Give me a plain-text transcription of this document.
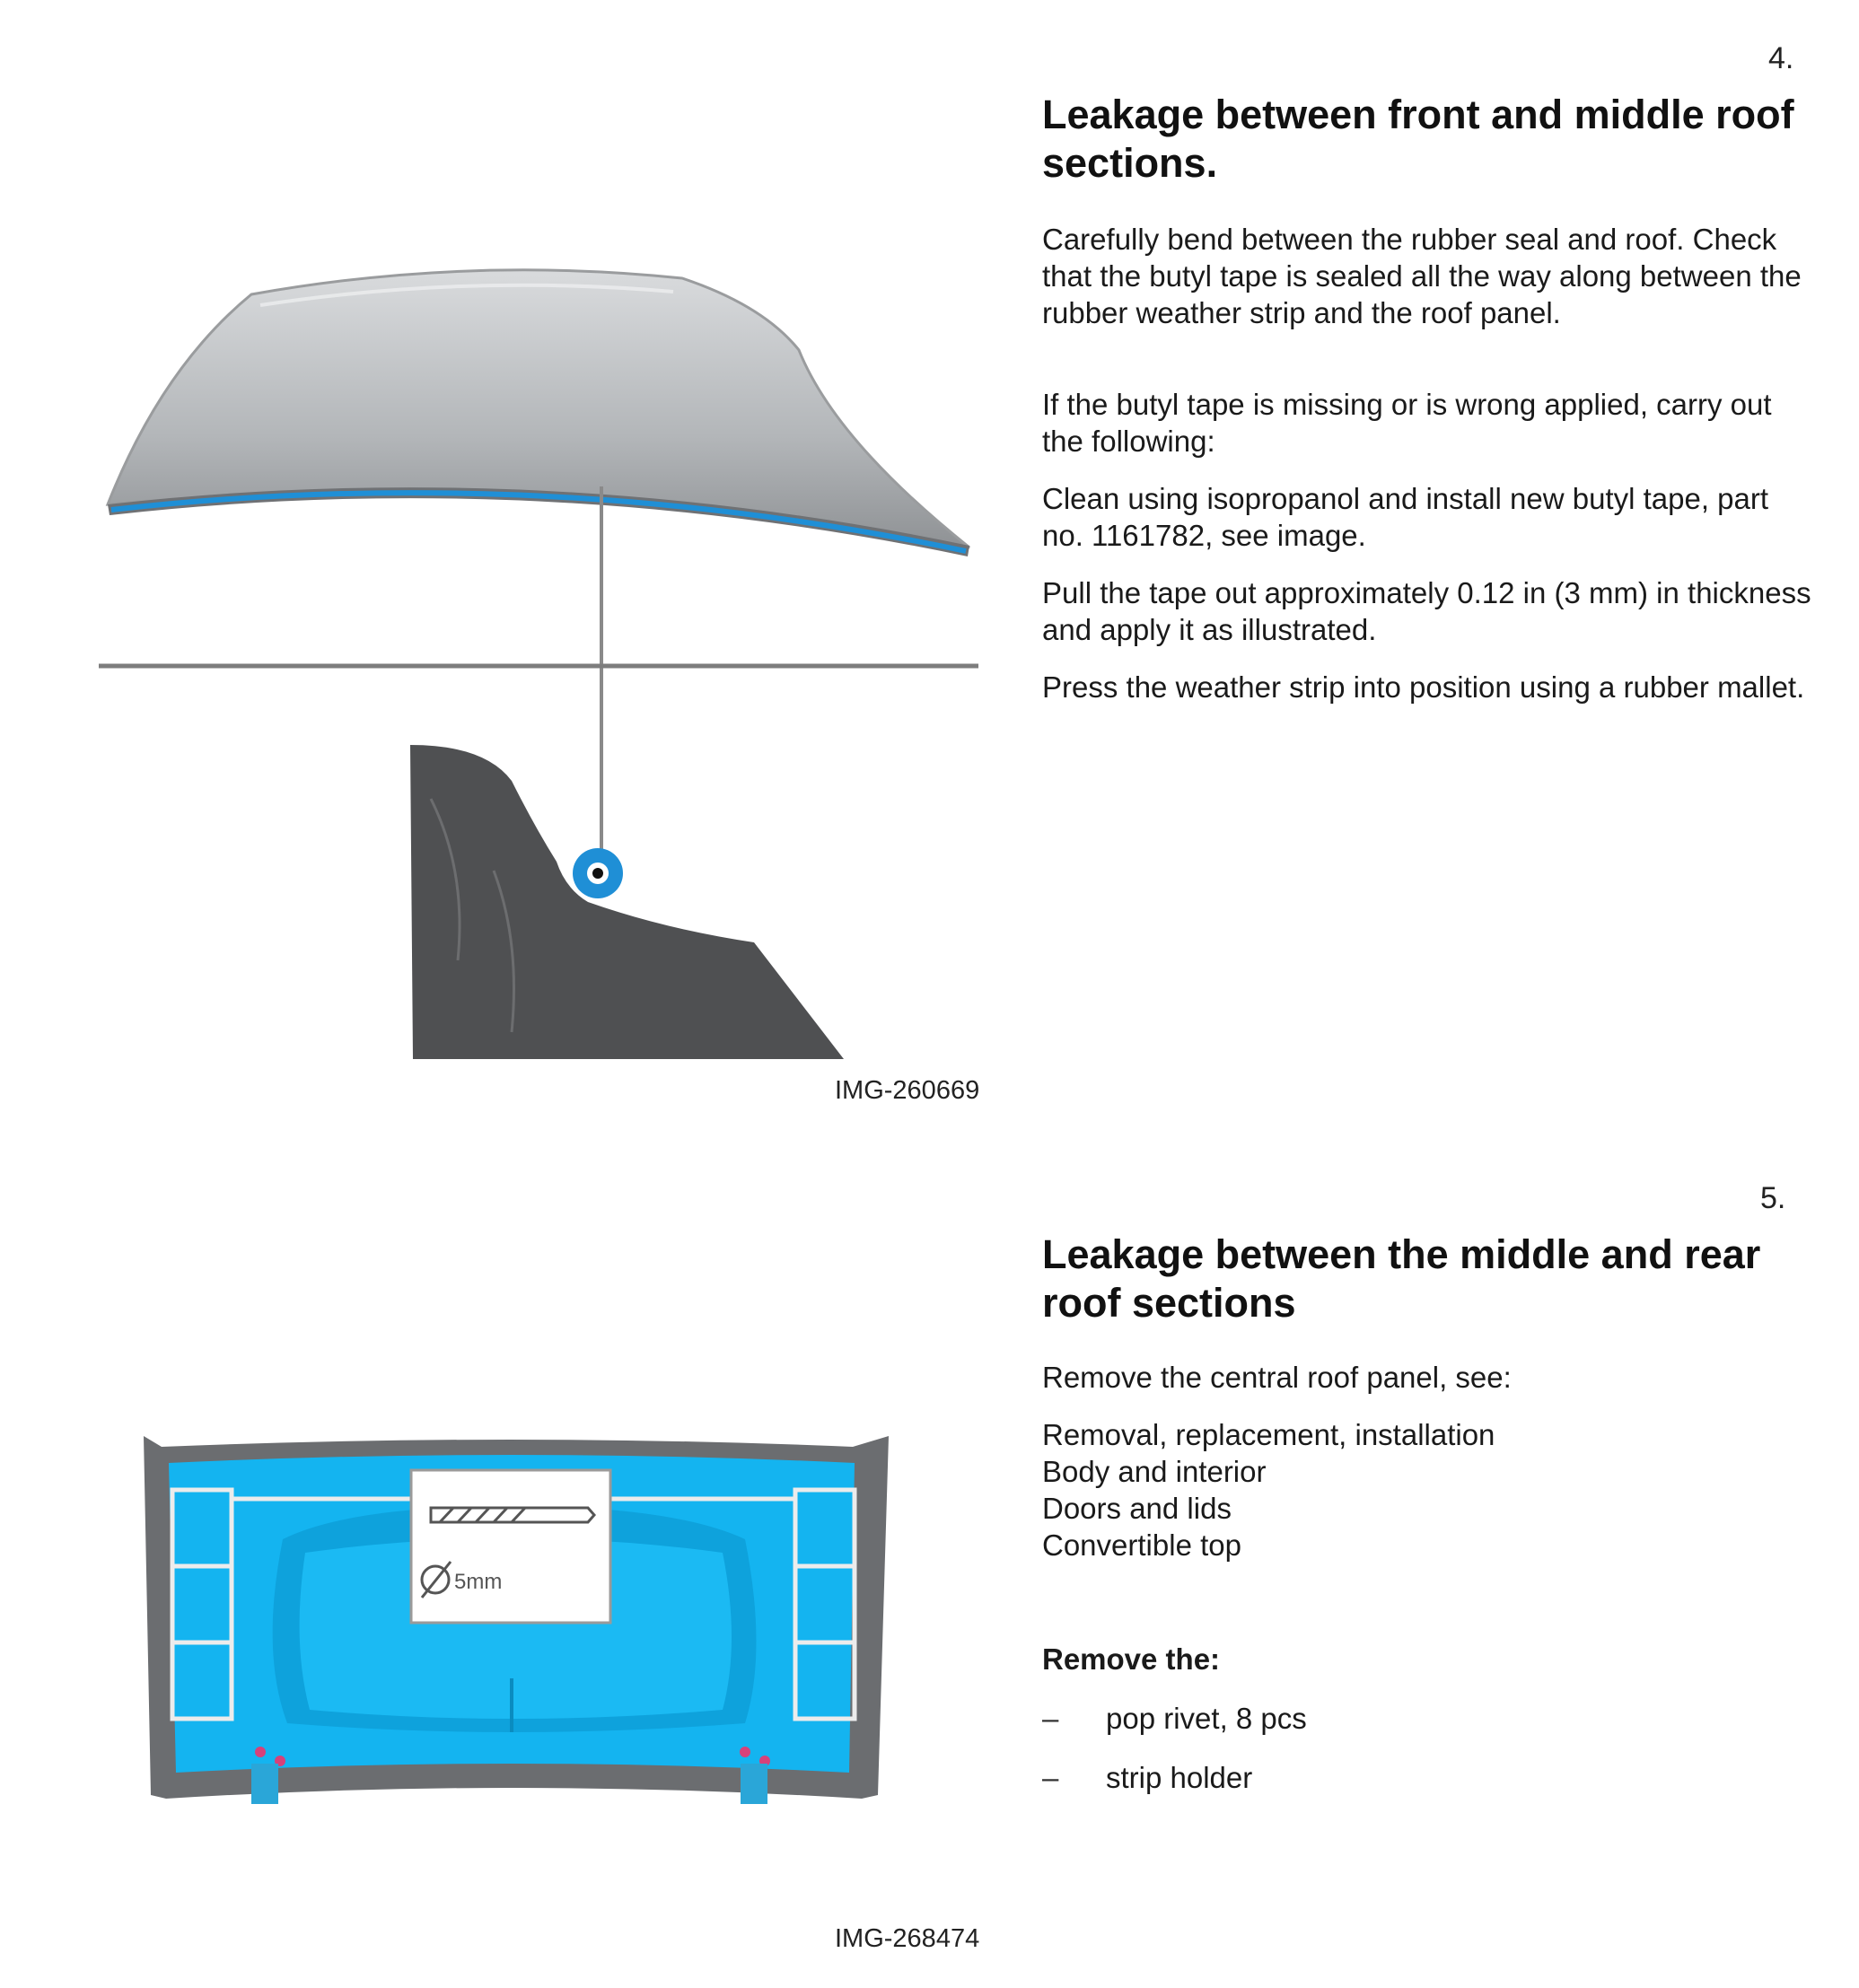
4.
Leakage between front and middle roof sections.

Carefully bend between the rubber seal and roof. Check that the butyl tape is sealed all the way along between the rubber weather strip and the roof panel.

If the butyl tape is missing or is wrong applied, carry out the following:

Clean using isopropanol and install new butyl tape, part no. 1161782, see image.

Pull the tape out approximately 0.12 in (3 mm) in thickness and apply it as illustrated.

Press the weather strip into position using a rubber mallet.

IMG-260669
5.
Leakage between the middle and rear roof sections

Remove the central roof panel, see:

Removal, replacement, installation
Body and interior
Doors and lids
Convertible top

Remove the:

– pop rivet, 8 pcs
– strip holder
5mm
IMG-268474
